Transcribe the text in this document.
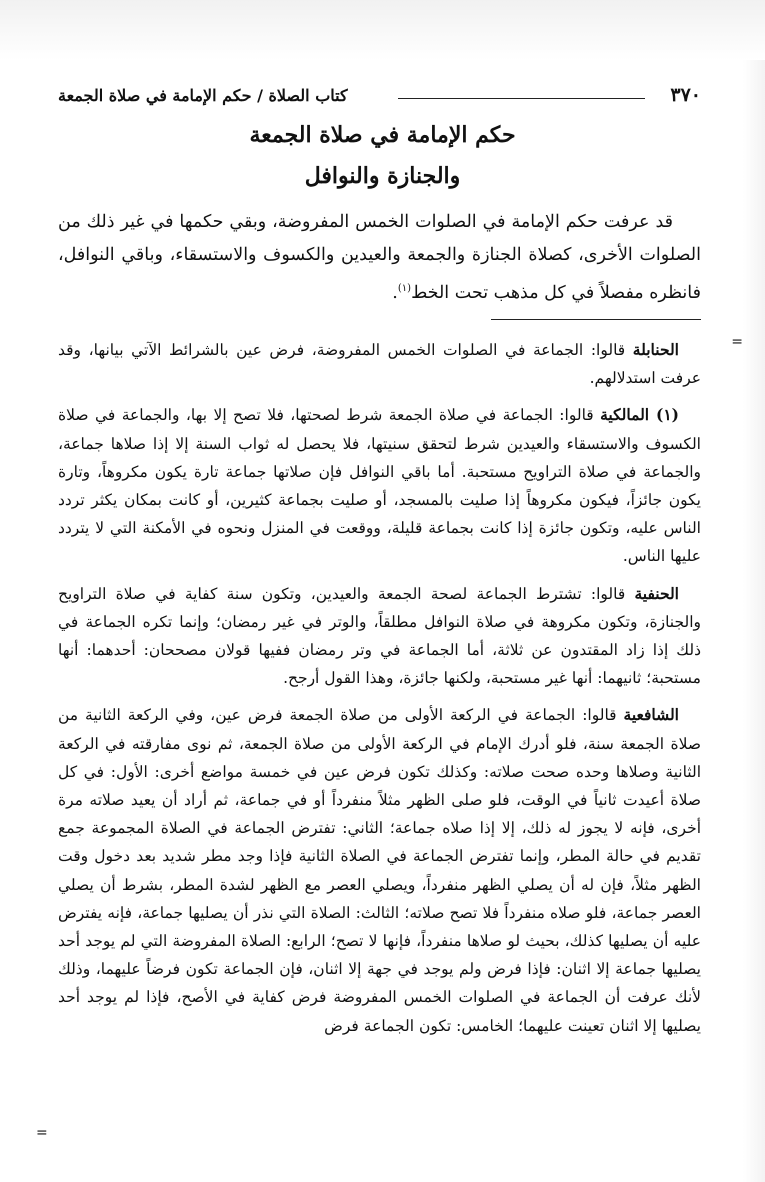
٣٧٠
كتاب الصلاة / حكم الإمامة في صلاة الجمعة
حكم الإمامة في صلاة الجمعة
والجنازة والنوافل
قد عرفت حكم الإمامة في الصلوات الخمس المفروضة، وبقي حكمها في غير ذلك من الصلوات الأخرى، كصلاة الجنازة والجمعة والعيدين والكسوف والاستسقاء، وباقي النوافل، فانظره مفصلاً في كل مذهب تحت الخط$^{(١)}$.
=

الحنابلة قالوا: الجماعة في الصلوات الخمس المفروضة، فرض عين بالشرائط الآتي بيانها، وقد عرفت استدلالهم.

(١) المالكية قالوا: الجماعة في صلاة الجمعة شرط لصحتها، فلا تصح إلا بها، والجماعة في صلاة الكسوف والاستسقاء والعيدين شرط لتحقق سنيتها، فلا يحصل له ثواب السنة إلا إذا صلاها جماعة، والجماعة في صلاة التراويح مستحبة. أما باقي النوافل فإن صلاتها جماعة تارة يكون مكروهاً، وتارة يكون جائزاً، فيكون مكروهاً إذا صليت بالمسجد، أو صليت بجماعة كثيرين، أو كانت بمكان يكثر تردد الناس عليه، وتكون جائزة إذا كانت بجماعة قليلة، ووقعت في المنزل ونحوه في الأمكنة التي لا يتردد عليها الناس.

الحنفية قالوا: تشترط الجماعة لصحة الجمعة والعيدين، وتكون سنة كفاية في صلاة التراويح والجنازة، وتكون مكروهة في صلاة النوافل مطلقاً، والوتر في غير رمضان؛ وإنما تكره الجماعة في ذلك إذا زاد المقتدون عن ثلاثة، أما الجماعة في وتر رمضان ففيها قولان مصححان: أحدهما: أنها مستحبة؛ ثانيهما: أنها غير مستحبة، ولكنها جائزة، وهذا القول أرجح.

الشافعية قالوا: الجماعة في الركعة الأولى من صلاة الجمعة فرض عين، وفي الركعة الثانية من صلاة الجمعة سنة، فلو أدرك الإمام في الركعة الأولى من صلاة الجمعة، ثم نوى مفارقته في الركعة الثانية وصلاها وحده صحت صلاته: وكذلك تكون فرض عين في خمسة مواضع أخرى: الأول: في كل صلاة أعيدت ثانياً في الوقت، فلو صلى الظهر مثلاً منفرداً أو في جماعة، ثم أراد أن يعيد صلاته مرة أخرى، فإنه لا يجوز له ذلك، إلا إذا صلاه جماعة؛ الثاني: تفترض الجماعة في الصلاة المجموعة جمع تقديم في حالة المطر، وإنما تفترض الجماعة في الصلاة الثانية فإذا وجد مطر شديد بعد دخول وقت الظهر مثلاً، فإن له أن يصلي الظهر منفرداً، ويصلي العصر مع الظهر لشدة المطر، بشرط أن يصلي العصر جماعة، فلو صلاه منفرداً فلا تصح صلاته؛ الثالث: الصلاة التي نذر أن يصليها جماعة، فإنه يفترض عليه أن يصليها كذلك، بحيث لو صلاها منفرداً، فإنها لا تصح؛ الرابع: الصلاة المفروضة التي لم يوجد أحد يصليها جماعة إلا اثنان: فإذا فرض ولم يوجد في جهة إلا اثنان، فإن الجماعة تكون فرضاً عليهما، وذلك لأنك عرفت أن الجماعة في الصلوات الخمس المفروضة فرض كفاية في الأصح، فإذا لم يوجد أحد يصليها إلا اثنان تعينت عليهما؛ الخامس: تكون الجماعة فرض

=
